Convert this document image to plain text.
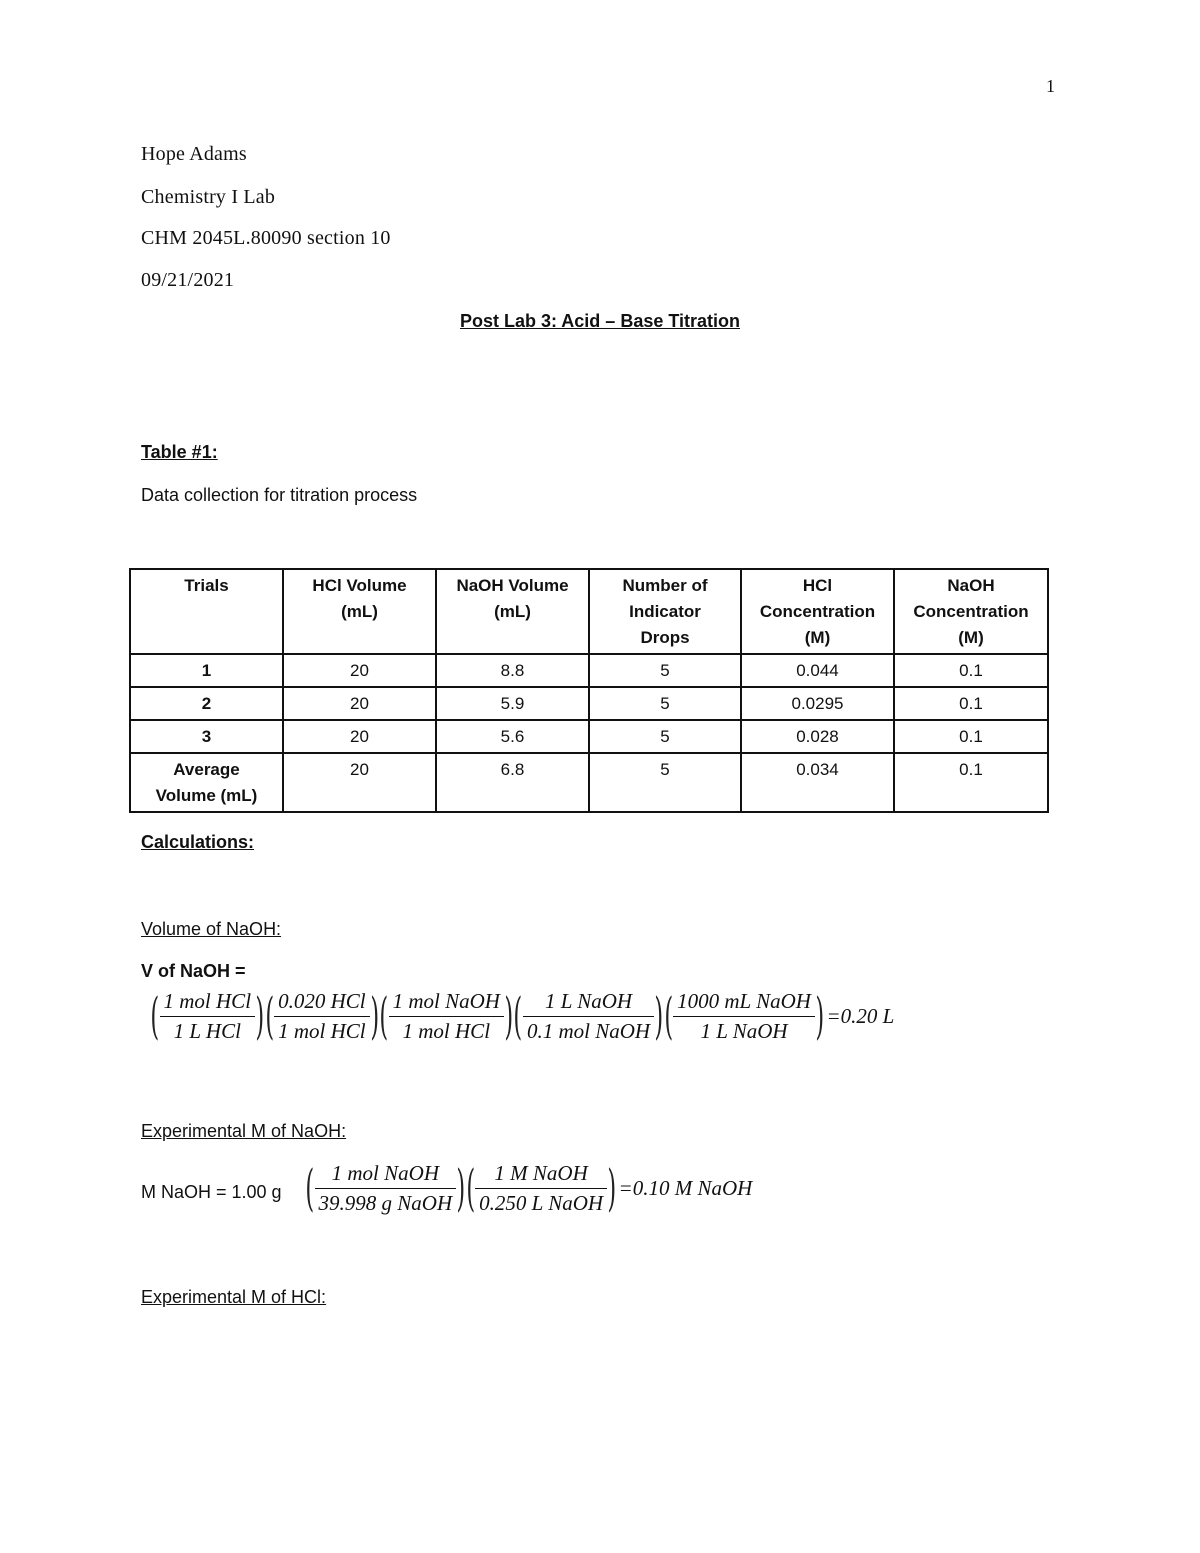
1
Hope Adams
Chemistry I Lab
CHM 2045L.80090 section 10
09/21/2021
Post Lab 3: Acid – Base Titration
Table #1:
Data collection for titration process
Trials	HCl Volume (mL)	NaOH Volume (mL)	Number of Indicator Drops	HCl Concentration (M)	NaOH Concentration (M)
1	20	8.8	5	0.044	0.1
2	20	5.9	5	0.0295	0.1
3	20	5.6	5	0.028	0.1
Average Volume (mL)	20	6.8	5	0.034	0.1
Calculations:
Volume of NaOH:
V of NaOH =
( $\frac{\text{1 mol HCl}}{\text{1 L HCl}}$ )( $\frac{\text{0.020 HCl}}{\text{1 mol HCl}}$ )( $\frac{\text{1 mol NaOH}}{\text{1 mol HCl}}$ )( $\frac{\text{1 L NaOH}}{\text{0.1 mol NaOH}}$ )( $\frac{\text{1000 mL NaOH}}{\text{1 L NaOH}}$ ) =0.20 L
Experimental M of NaOH:
M NaOH = 1.00 g ( $\frac{\text{1 mol NaOH}}{\text{39.998 g NaOH}}$ )( $\frac{\text{1 M NaOH}}{\text{0.250 L NaOH}}$ ) =0.10 M NaOH
Experimental M of HCl:
